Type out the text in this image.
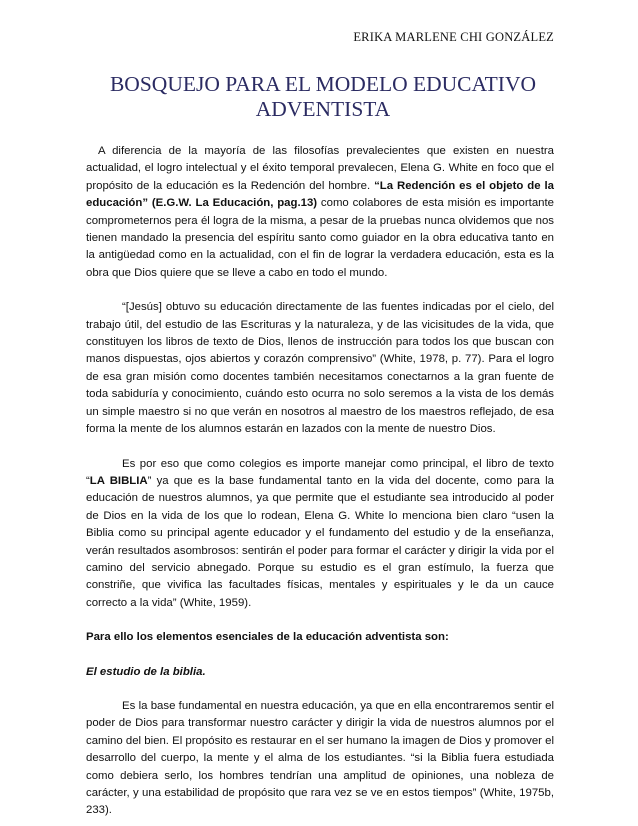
ERIKA MARLENE CHI GONZÁLEZ
BOSQUEJO PARA EL MODELO EDUCATIVO
ADVENTISTA

A diferencia de la mayoría de las filosofías prevalecientes que existen en nuestra actualidad, el logro intelectual y el éxito temporal prevalecen, Elena G. White en foco que el propósito de la educación es la Redención del hombre. “La Redención es el objeto de la educación” (E.G.W. La Educación, pag.13) como colabores de esta misión es importante comprometernos pera él logra de la misma, a pesar de la pruebas nunca olvidemos que nos tienen mandado la presencia del espíritu santo como guiador en la obra educativa tanto en la antigüedad como en la actualidad, con el fin de lograr la verdadera educación, esta es la obra que Dios quiere que se lleve a cabo en todo el mundo.

“[Jesús] obtuvo su educación directamente de las fuentes indicadas por el cielo, del trabajo útil, del estudio de las Escrituras y la naturaleza, y de las vicisitudes de la vida, que constituyen los libros de texto de Dios, llenos de instrucción para todos los que buscan con manos dispuestas, ojos abiertos y corazón comprensivo” (White, 1978, p. 77). Para el logro de esa gran misión como docentes también necesitamos conectarnos a la gran fuente de toda sabiduría y conocimiento, cuándo esto ocurra no solo seremos a la vista de los demás un simple maestro si no que verán en nosotros al maestro de los maestros reflejado, de esa forma la mente de los alumnos estarán en lazados con la mente de nuestro Dios.

Es por eso que como colegios es importe manejar como principal, el libro de texto “LA BIBLIA” ya que es la base fundamental tanto en la vida del docente, como para la educación de nuestros alumnos, ya que permite que el estudiante sea introducido al poder de Dios en la vida de los que lo rodean, Elena G. White lo menciona bien claro “usen la Biblia como su principal agente educador y el fundamento del estudio y de la enseñanza, verán resultados asombrosos: sentirán el poder para formar el carácter y dirigir la vida por el camino del servicio abnegado. Porque su estudio es el gran estímulo, la fuerza que constriñe, que vivifica las facultades físicas, mentales y espirituales y le da un cauce correcto a la vida” (White, 1959).

Para ello los elementos esenciales de la educación adventista son:

El estudio de la biblia.

Es la base fundamental en nuestra educación, ya que en ella encontraremos sentir el poder de Dios para transformar nuestro carácter y dirigir la vida de nuestros alumnos por el camino del bien. El propósito es restaurar en el ser humano la imagen de Dios y promover el desarrollo del cuerpo, la mente y el alma de los estudiantes. “si la Biblia fuera estudiada como debiera serlo, los hombres tendrían una amplitud de opiniones, una nobleza de carácter, y una estabilidad de propósito que rara vez se ve en estos tiempos” (White, 1975b, 233).
